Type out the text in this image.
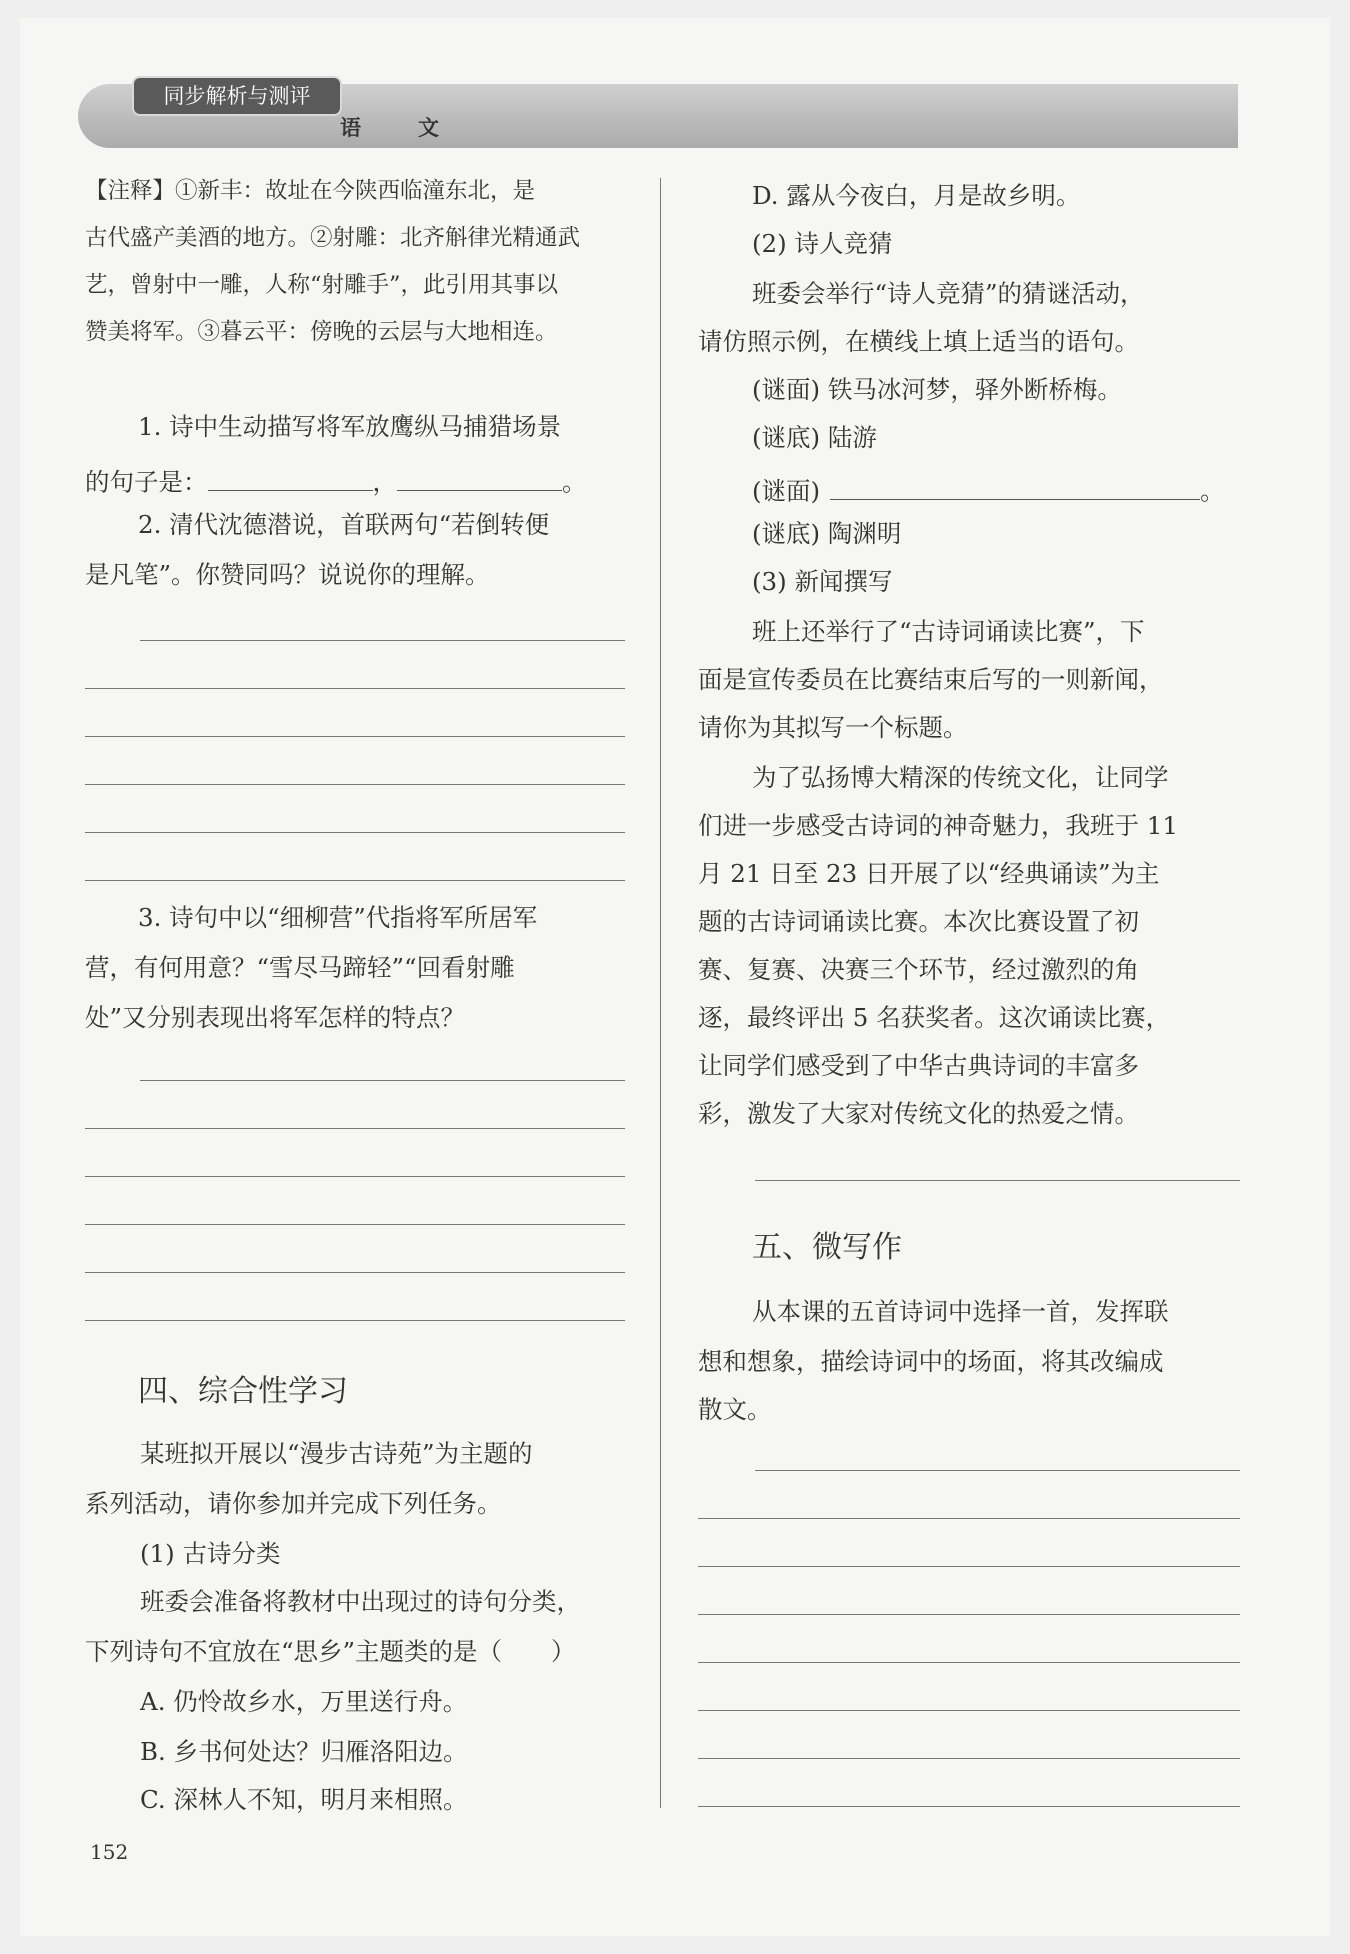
同步解析与测评
语　文
【注释】①新丰：故址在今陕西临潼东北，是
古代盛产美酒的地方。②射雕：北齐斛律光精通武
艺，曾射中一雕，人称“射雕手”，此引用其事以
赞美将军。③暮云平：傍晚的云层与大地相连。
1. 诗中生动描写将军放鹰纵马捕猎场景
的句子是：	，	。
2. 清代沈德潜说，首联两句“若倒转便
是凡笔”。你赞同吗？说说你的理解。
3. 诗句中以“细柳营”代指将军所居军
营，有何用意？“雪尽马蹄轻”“回看射雕
处”又分别表现出将军怎样的特点？
四、综合性学习
某班拟开展以“漫步古诗苑”为主题的
系列活动，请你参加并完成下列任务。
(1) 古诗分类
班委会准备将教材中出现过的诗句分类，
下列诗句不宜放在“思乡”主题类的是（　　）
A. 仍怜故乡水，万里送行舟。
B. 乡书何处达？归雁洛阳边。
C. 深林人不知，明月来相照。
D. 露从今夜白，月是故乡明。
(2) 诗人竞猜
班委会举行“诗人竞猜”的猜谜活动，
请仿照示例，在横线上填上适当的语句。
(谜面) 铁马冰河梦，驿外断桥梅。
(谜底) 陆游
(谜面)	。
(谜底) 陶渊明
(3) 新闻撰写
班上还举行了“古诗词诵读比赛”，下
面是宣传委员在比赛结束后写的一则新闻，
请你为其拟写一个标题。
为了弘扬博大精深的传统文化，让同学
们进一步感受古诗词的神奇魅力，我班于 11
月 21 日至 23 日开展了以“经典诵读”为主
题的古诗词诵读比赛。本次比赛设置了初
赛、复赛、决赛三个环节，经过激烈的角
逐，最终评出 5 名获奖者。这次诵读比赛，
让同学们感受到了中华古典诗词的丰富多
彩，激发了大家对传统文化的热爱之情。
五、微写作
从本课的五首诗词中选择一首，发挥联
想和想象，描绘诗词中的场面，将其改编成
散文。
152
